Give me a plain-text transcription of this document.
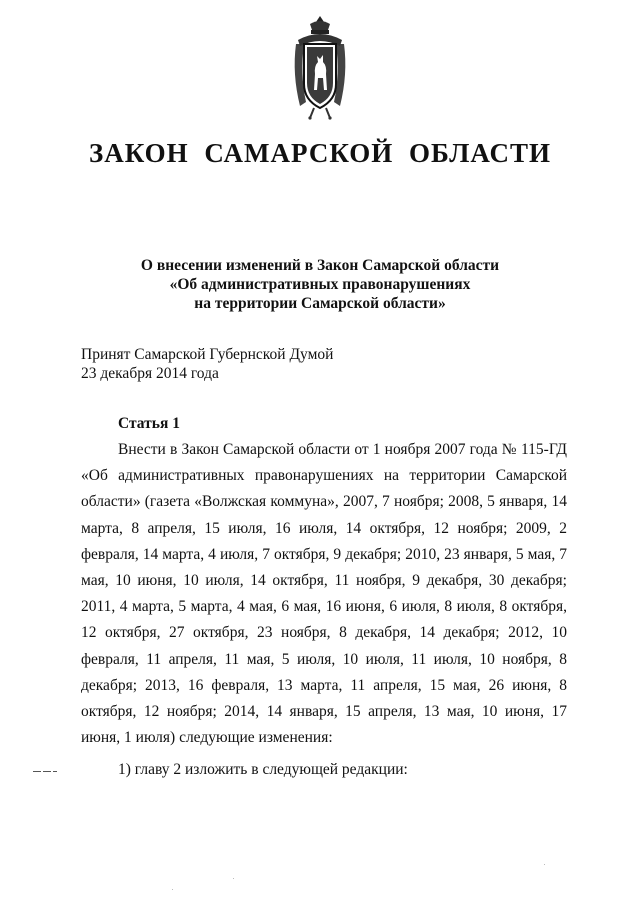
ЗАКОН САМАРСКОЙ ОБЛАСТИ
О внесении изменений в Закон Самарской области
«Об административных правонарушениях
на территории Самарской области»
Принят Самарской Губернской Думой
23 декабря 2014 года
Статья 1
Внести в Закон Самарской области от 1 ноября 2007 года № 115-ГД «Об административных правонарушениях на территории Самарской области» (газета «Волжская коммуна», 2007, 7 ноября; 2008, 5 января, 14 марта, 8 апреля, 15 июля, 16 июля, 14 октября, 12 ноября; 2009, 2 февраля, 14 марта, 4 июля, 7 октября, 9 декабря; 2010, 23 января, 5 мая, 7 мая, 10 июня, 10 июля, 14 октября, 11 ноября, 9 декабря, 30 декабря; 2011, 4 марта, 5 марта, 4 мая, 6 мая, 16 июня, 6 июля, 8 июля, 8 октября, 12 октября, 27 октября, 23 ноября, 8 декабря, 14 декабря; 2012, 10 февраля, 11 апреля, 11 мая, 5 июля, 10 июля, 11 июля, 10 ноября, 8 декабря; 2013, 16 февраля, 13 марта, 11 апреля, 15 мая, 26 июня, 8 октября, 12 ноября; 2014, 14 января, 15 апреля, 13 мая, 10 июня, 17 июня, 1 июля) следующие изменения:
1) главу 2 изложить в следующей редакции:
